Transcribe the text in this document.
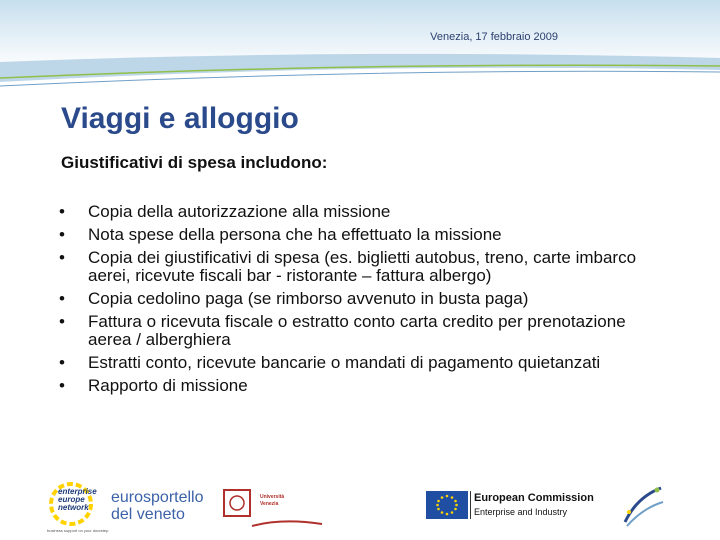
Venezia, 17 febbraio 2009
Viaggi e alloggio
Giustificativi di spesa includono:
•	Copia della autorizzazione alla missione
•	Nota spese della persona che ha effettuato la missione
•	Copia dei giustificativi di spesa (es. biglietti autobus, treno, carte imbarco aerei, ricevute fiscali bar - ristorante – fattura albergo)
•	Copia cedolino paga (se rimborso avvenuto in busta paga)
•	Fattura o ricevuta fiscale o estratto conto carta credito per prenotazione aerea / alberghiera
•	Estratti conto, ricevute bancarie o mandati di pagamento quietanzati
•	Rapporto di missione
enterprise
europe
network
business support on your doorstep
eurosportello
del veneto
Università
Venezia	European Commission
Enterprise and Industry
